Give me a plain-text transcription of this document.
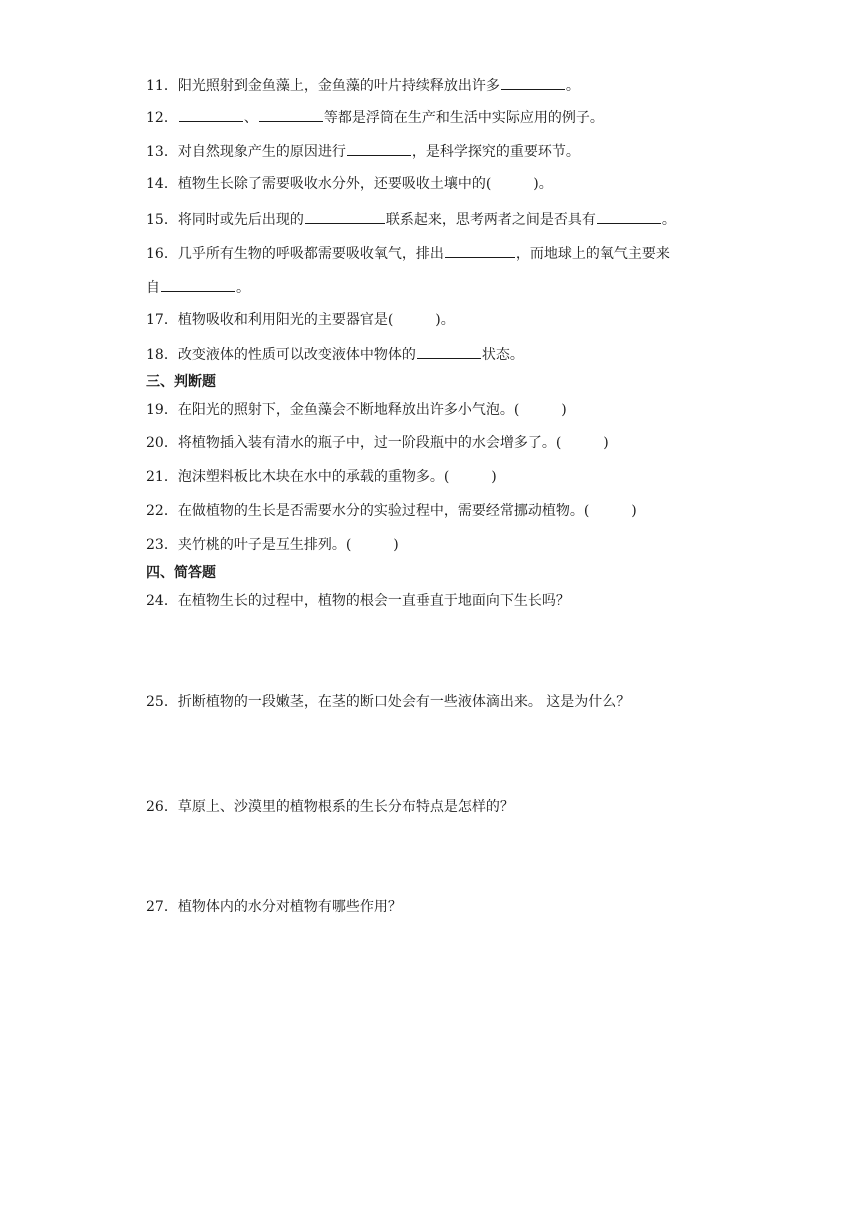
11．阳光照射到金鱼藻上，金鱼藻的叶片持续释放出许多	。
12．	、	等都是浮筒在生产和生活中实际应用的例子。
13．对自然现象产生的原因进行	，是科学探究的重要环节。
14．植物生长除了需要吸收水分外，还要吸收土壤中的(	)。
15．将同时或先后出现的	联系起来，思考两者之间是否具有	。
16．几乎所有生物的呼吸都需要吸收氧气，排出	，而地球上的氧气主要来
自	。
17．植物吸收和利用阳光的主要器官是(	)。
18．改变液体的性质可以改变液体中物体的	状态。
三、判断题
19．在阳光的照射下，金鱼藻会不断地释放出许多小气泡。(	)
20．将植物插入装有清水的瓶子中，过一阶段瓶中的水会增多了。(	)
21．泡沫塑料板比木块在水中的承载的重物多。(	)
22．在做植物的生长是否需要水分的实验过程中，需要经常挪动植物。(	)
23．夹竹桃的叶子是互生排列。(	)
四、简答题
24．在植物生长的过程中，植物的根会一直垂直于地面向下生长吗？
25．折断植物的一段嫩茎，在茎的断口处会有一些液体滴出来。 这是为什么？
26．草原上、沙漠里的植物根系的生长分布特点是怎样的？
27．植物体内的水分对植物有哪些作用？
